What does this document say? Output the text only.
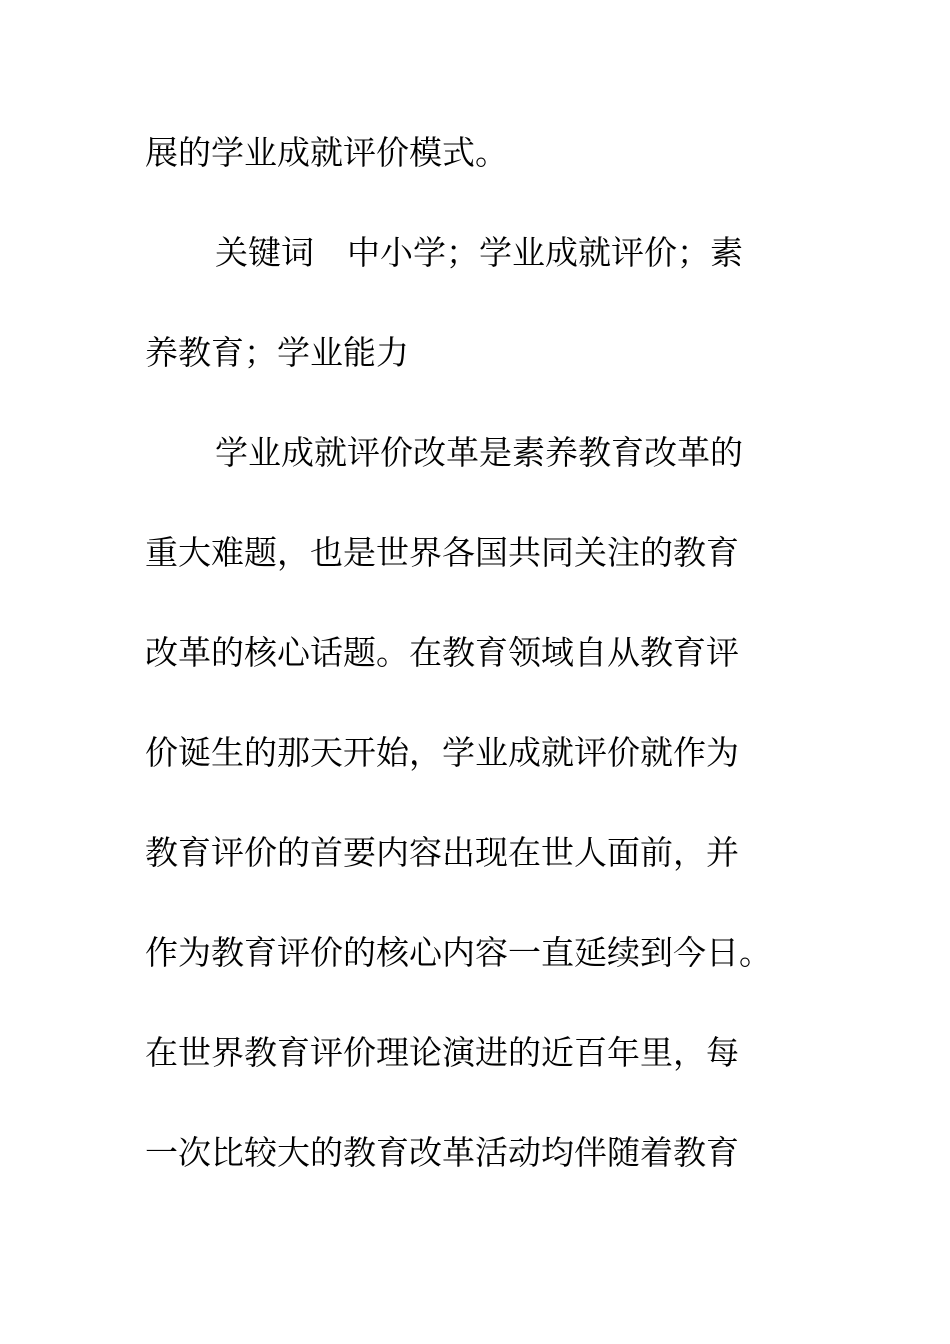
展的学业成就评价模式。

关键词　中小学；学业成就评价；素

养教育；学业能力

学业成就评价改革是素养教育改革的

重大难题，也是世界各国共同关注的教育

改革的核心话题。在教育领域自从教育评

价诞生的那天开始，学业成就评价就作为

教育评价的首要内容出现在世人面前，并

作为教育评价的核心内容一直延续到今日。

在世界教育评价理论演进的近百年里，每

一次比较大的教育改革活动均伴随着教育
